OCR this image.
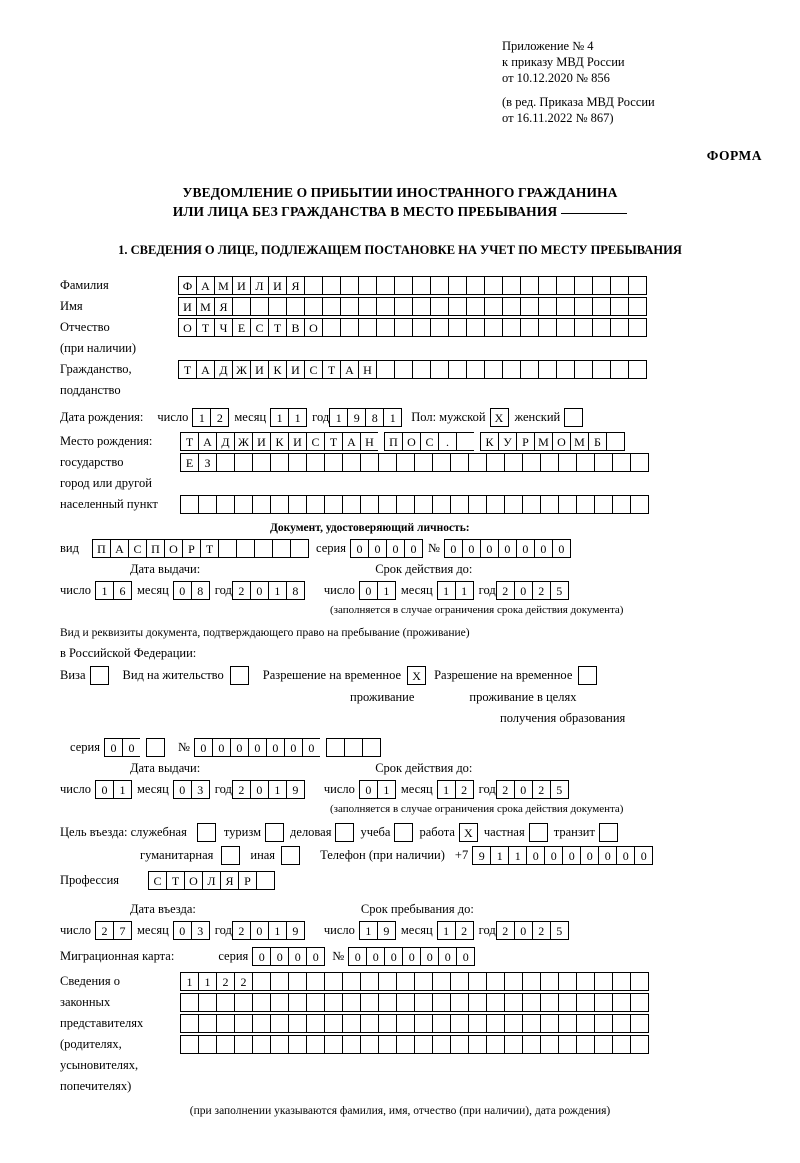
Приложение № 4
к приказу МВД России
от 10.12.2020 № 856
(в ред. Приказа МВД России
от 16.11.2022 № 867)
ФОРМА
УВЕДОМЛЕНИЕ О ПРИБЫТИИ ИНОСТРАННОГО ГРАЖДАНИНА
ИЛИ ЛИЦА БЕЗ ГРАЖДАНСТВА В МЕСТО ПРЕБЫВАНИЯ
1. СВЕДЕНИЯ О ЛИЦЕ, ПОДЛЕЖАЩЕМ ПОСТАНОВКЕ НА УЧЕТ ПО МЕСТУ ПРЕБЫВАНИЯ
Фамилия	Ф А М И Л И Я
Имя	И М Я
Отчество	О Т Ч Е С Т В О
(при наличии)
Гражданство,	Т А Д Ж И К И С Т А Н
подданство
Дата рождения: число 1	2 месяц 1	1 год 1	9	8	1	Пол: мужской X женский
Место рождения:	Т А Д Ж И К И С Т А Н	П О С	.	К У Р М О М Б
государство	Е З
город или другой
населенный пункт
Документ, удостоверяющий личность:
вид	П А С П О Р Т	серия 0	0	0	0 № 0	0	0	0	0	0	0
Дата выдачи:	Срок действия до:
число 1	6 месяц 0	8 год 2	0	1	8	число 0	1 месяц 1	1 год 2	0	2	5
(заполняется в случае ограничения срока действия документа)
Вид и реквизиты документа, подтверждающего право на пребывание (проживание)
в Российской Федерации:
Виза	Вид на жительство	Разрешение на временное X	Разрешение на временное
проживание	проживание в целях
получения образования
серия 0	0	№ 0	0	0	0	0	0	0
Дата выдачи:	Срок действия до:
число 0	1 месяц 0	3 год 2	0	1	9	число 0	1 месяц 1	2 год 2	0	2	5
(заполняется в случае ограничения срока действия документа)
Цель въезда: служебная	туризм деловая учеба работа X частная транзит
гуманитарная	иная	Телефон (при наличии) +7 9	1	1	0	0	0	0	0	0	0
Профессия	С Т О Л Я Р
Дата въезда:	Срок пребывания до:
число 2	7 месяц 0	3 год 2	0	1	9	число 1	9 месяц 1	2 год 2	0	2	5
Миграционная карта:	серия 0	0	0	0	№ 0	0	0	0	0	0	0
Сведения о	1	1	2	2
законных
представителях
(родителях,
усыновителях,
попечителях)
(при заполнении указываются фамилия, имя, отчество (при наличии), дата рождения)
